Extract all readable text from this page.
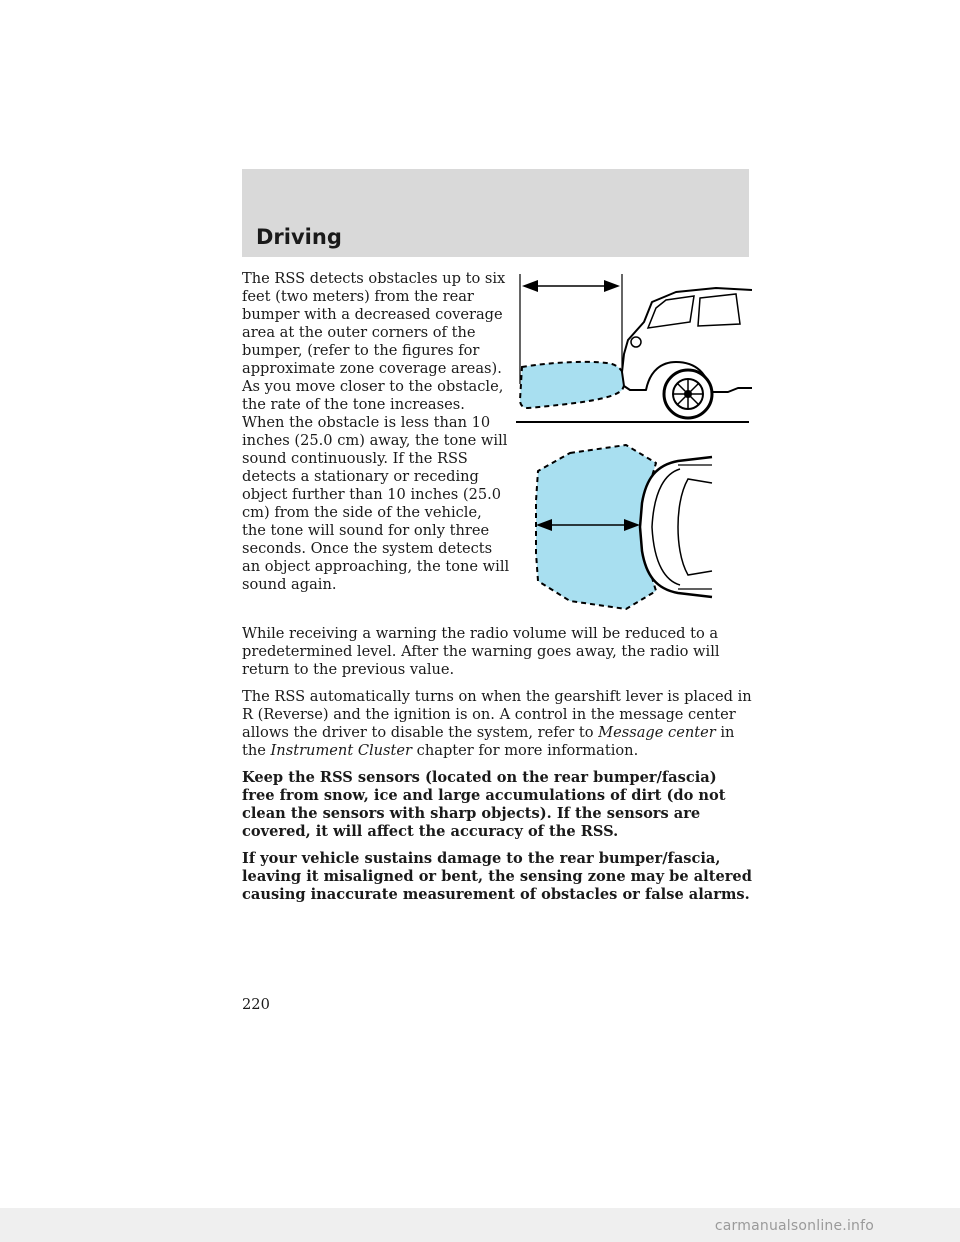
Driving

The RSS detects obstacles up to six feet (two meters) from the rear bumper with a decreased coverage area at the outer corners of the bumper, (refer to the figures for approximate zone coverage areas). As you move closer to the obstacle, the rate of the tone increases. When the obstacle is less than 10 inches (25.0 cm) away, the tone will sound continuously. If the RSS detects a stationary or receding object further than 10 inches (25.0 cm) from the side of the vehicle, the tone will sound for only three seconds. Once the system detects an object approaching, the tone will sound again.

While receiving a warning the radio volume will be reduced to a predetermined level. After the warning goes away, the radio will return to the previous value.

The RSS automatically turns on when the gearshift lever is placed in R (Reverse) and the ignition is on. A control in the message center allows the driver to disable the system, refer to Message center in the Instrument Cluster chapter for more information.

Keep the RSS sensors (located on the rear bumper/fascia) free from snow, ice and large accumulations of dirt (do not clean the sensors with sharp objects). If the sensors are covered, it will affect the accuracy of the RSS.

If your vehicle sustains damage to the rear bumper/fascia, leaving it misaligned or bent, the sensing zone may be altered causing inaccurate measurement of obstacles or false alarms.

220
carmanualsonline.info
